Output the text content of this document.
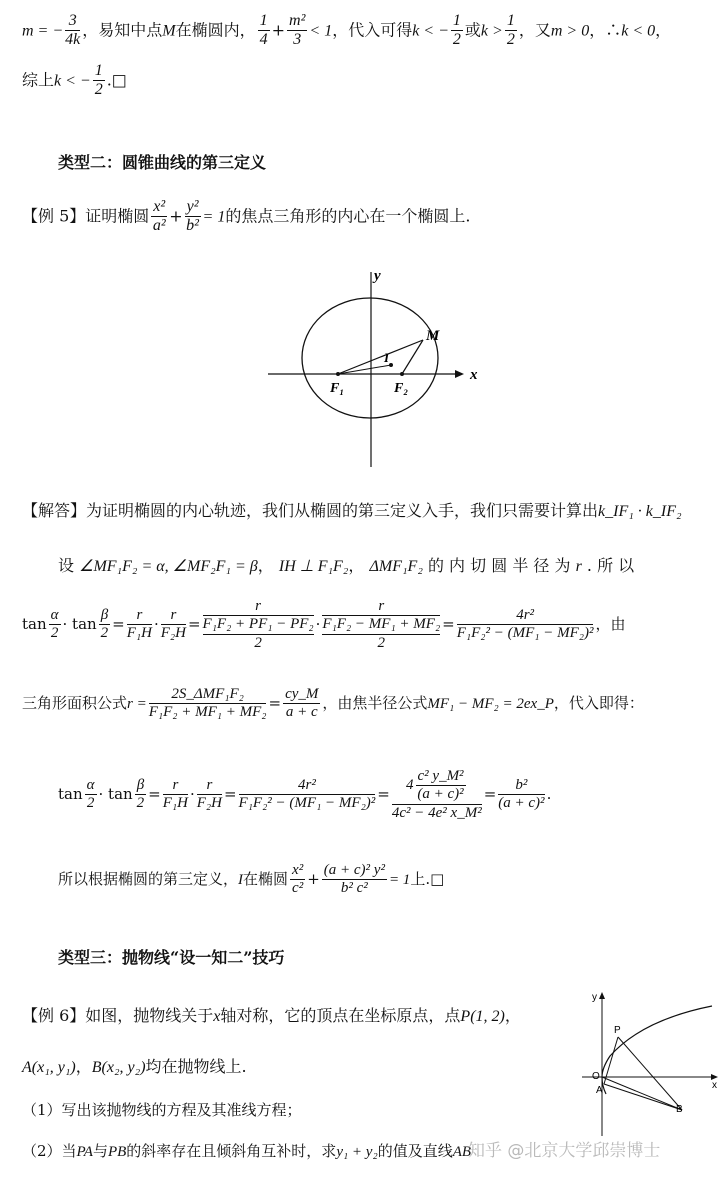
m = − $\frac{3}{4k}$ ，易知中点M在椭圆内， $\frac{1}{4} + \frac{\text{m²}}{3} < 1$，代入可得k < − $\frac{1}{2}$ 或$k > \frac{1}{2}$ ，又m > 0，∴k < 0，
综上k < − $\frac{1}{2}$ .□
类型二：圆锥曲线的第三定义
【例 5】证明椭圆 $\frac{\text{x²}}{\text{a²}} + \frac{\text{y²}}{\text{b²}} = 1$的焦点三角形的内心在一个椭圆上.
y
x
M
I
F₁	F₂
【解答】为证明椭圆的内心轨迹，我们从椭圆的第三定义入手，我们只需要计算出k_IF₁ · k_IF₂
设 ∠MF₁F₂ = α, ∠MF₂F₁ = β， IH ⊥ F₁F₂， ΔMF₁F₂ 的 内 切 圆 半 径 为 r . 所 以
$\tan \frac{\alpha}{2} \cdot \tan \frac{\beta}{2} = \frac{r}{\text{F₁H}} \cdot \frac{r}{\text{F₂H}}$ =
r
F₁F₂ + PF₁ − PF₂
2
·
r
F₁F₂ − MF₁ + MF₂
2
= $\frac{\text{4r²}}{\text{F₁F₂² − (MF₁ − MF₂)²}}$ ，由
三角形面积公式$r = \frac{\text{2S\_ΔMF₁F₂}}{\text{F₁F₂ + MF₁ + MF₂}} = \frac{cy\_M}{a + c}$ ，由焦半径公式MF₁ − MF₂ = 2ex_P，代入即得：
$\tan \frac{\alpha}{2} \cdot \tan \frac{\beta}{2} = \frac{r}{\text{F₁H}} \cdot \frac{r}{\text{F₂H}} = \frac{\text{4r²}}{\text{F₁F₂² − (MF₁ − MF₂)²}} = \frac{4 \frac{\text{c² y\_M²}}{\text{(a + c)²}}}{\text{4c² − 4e² x\_M²}} = \frac{\text{b²}}{\text{(a + c)²}}$ .
所以根据椭圆的第三定义，I在椭圆 $\frac{\text{x²}}{\text{c²}} + \frac{\text{(a + c)² y²}}{\text{b² c²}} = 1$上.□
类型三：抛物线“设一知二”技巧
【例 6】如图，抛物线关于x轴对称，它的顶点在坐标原点，点P(1, 2)，
A(x₁, y₁)，B(x₂, y₂)均在抛物线上.
（1）写出该抛物线的方程及其准线方程；
（2）当PA与PB的斜率存在且倾斜角互补时，求y₁ + y₂的值及直线AB
y
x
P
O
A
B
知乎 @北京大学邱崇博士
